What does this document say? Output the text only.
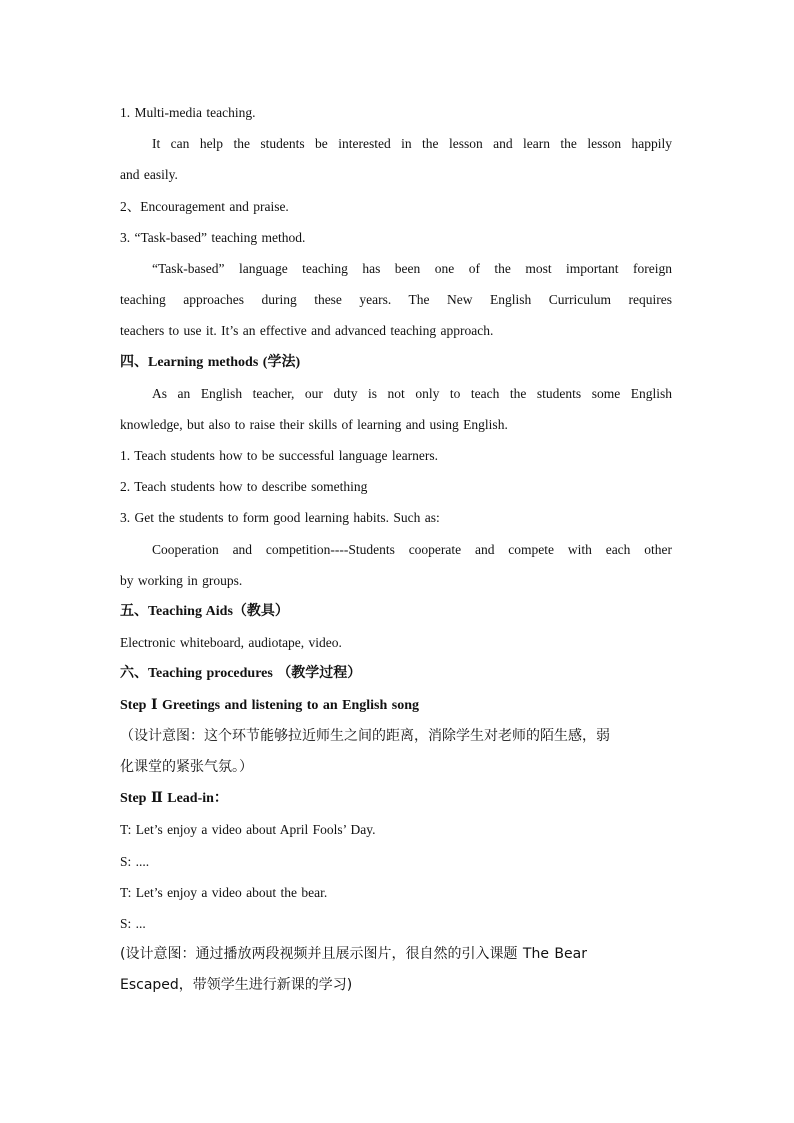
1. Multi-media teaching.
It can help the students be interested in the lesson and learn the lesson happily
and easily.
2、Encouragement and praise.
3. “Task-based” teaching method.
“Task-based” language teaching has been one of the most important foreign
teaching approaches during these years. The New English Curriculum requires
teachers to use it. It’s an effective and advanced teaching approach.
四、Learning methods (学法)
As an English teacher, our duty is not only to teach the students some English
knowledge, but also to raise their skills of learning and using English.
1. Teach students how to be successful language learners.
2. Teach students how to describe something
3. Get the students to form good learning habits. Such as:
Cooperation and competition----Students cooperate and compete with each other
by working in groups.
五、Teaching Aids（教具）
Electronic whiteboard, audiotape, video.
六、Teaching procedures （教学过程）
Step Ⅰ Greetings and listening to an English song
（设计意图：这个环节能够拉近师生之间的距离，消除学生对老师的陌生感，弱
化课堂的紧张气氛。）
Step Ⅱ Lead-in：
T: Let’s enjoy a video about April Fools’ Day.
S: ....
T: Let’s enjoy a video about the bear.
S: ...
(设计意图：通过播放两段视频并且展示图片，很自然的引入课题 The Bear
Escaped，带领学生进行新课的学习)
